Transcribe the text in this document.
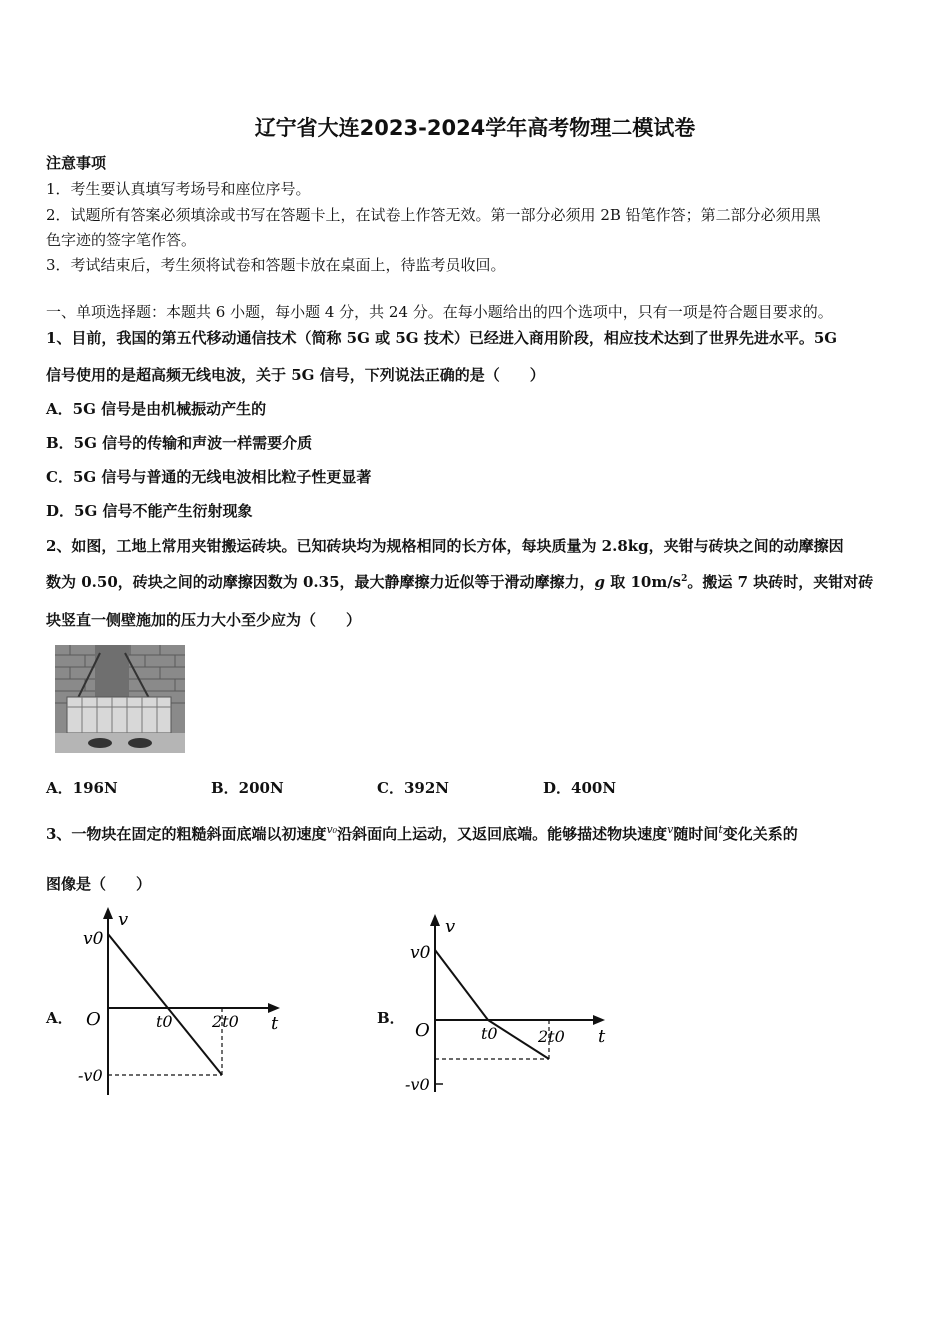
辽宁省大连2023-2024学年高考物理二模试卷
注意事项
1．考生要认真填写考场号和座位序号。
2．试题所有答案必须填涂或书写在答题卡上，在试卷上作答无效。第一部分必须用 2B 铅笔作答；第二部分必须用黑
色字迹的签字笔作答。
3．考试结束后，考生须将试卷和答题卡放在桌面上，待监考员收回。
一、单项选择题：本题共 6 小题，每小题 4 分，共 24 分。在每小题给出的四个选项中，只有一项是符合题目要求的。
1、目前，我国的第五代移动通信技术（简称 5G 或 5G 技术）已经进入商用阶段，相应技术达到了世界先进水平。5G
信号使用的是超高频无线电波，关于 5G 信号，下列说法正确的是（　　）
A．5G 信号是由机械振动产生的
B．5G 信号的传输和声波一样需要介质
C．5G 信号与普通的无线电波相比粒子性更显著
D．5G 信号不能产生衍射现象
2、如图，工地上常用夹钳搬运砖块。已知砖块均为规格相同的长方体，每块质量为 2.8kg，夹钳与砖块之间的动摩擦因
数为 0.50，砖块之间的动摩擦因数为 0.35，最大静摩擦力近似等于滑动摩擦力，g 取 $10m/s^2$。搬运 7 块砖时，夹钳对砖
块竖直一侧壁施加的压力大小至少应为（　　）
A．196N	B．200N	C．392N	D．400N
3、一物块在固定的粗糙斜面底端以初速度$^{v_0}$沿斜面向上运动，又返回底端。能够描述物块速度$^v$随时间$^t$变化关系的
图像是（　　）
A．
v
v0
O	t0 2t0 t
-v0
B．
v
v0
O	t0	2t0 t
-v0
